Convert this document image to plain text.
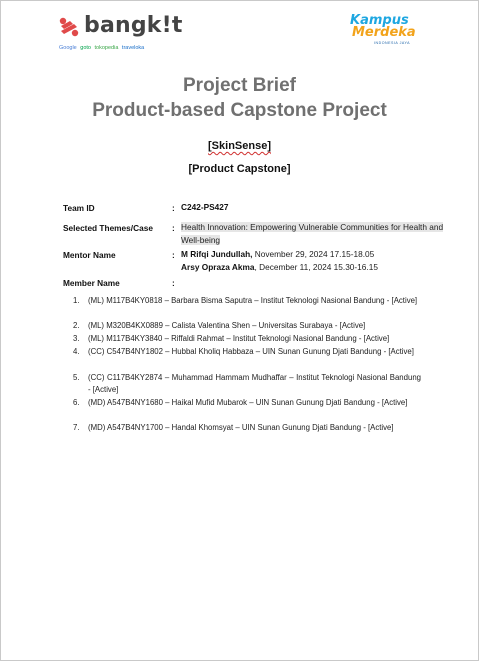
bangk!t
Google goto tokopedia traveloka
Kampus
Merdeka
INDONESIA JAYA
Project Brief
Product-based Capstone Project
[SkinSense]
[Product Capstone]
Team ID	: C242-PS427
Selected Themes/Case : Health Innovation: Empowering Vulnerable Communities for Health and Well-being
Mentor Name	: M Rifqi Jundullah, November 29, 2024 17.15-18.05
Arsy Opraza Akma, December 11, 2024 15.30-16.15
Member Name	:
1. (ML) M117B4KY0818 – Barbara Bisma Saputra – Institut Teknologi Nasional Bandung - [Active]
2. (ML) M320B4KX0889 – Calista Valentina Shen – Universitas Surabaya - [Active]
3. (ML) M117B4KY3840 – Riffaldi Rahmat – Institut Teknologi Nasional Bandung - [Active]
4. (CC) C547B4NY1802 – Hubbal Kholiq Habbaza – UIN Sunan Gunung Djati Bandung - [Active]
5. (CC) C117B4KY2874 – Muhammad Hammam Mudhaffar – Institut Teknologi Nasional Bandung - [Active]
6. (MD) A547B4NY1680 – Haikal Mufid Mubarok – UIN Sunan Gunung Djati Bandung - [Active]
7. (MD) A547B4NY1700 – Handal Khomsyat – UIN Sunan Gunung Djati Bandung - [Active]
